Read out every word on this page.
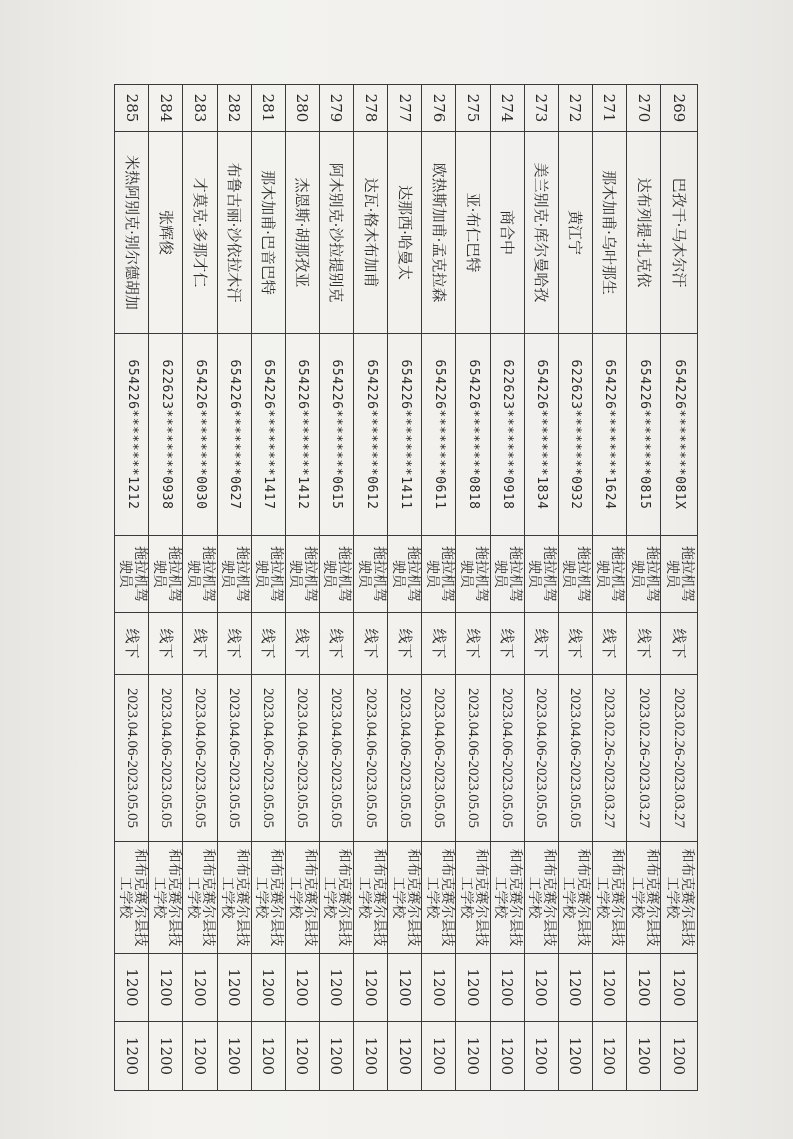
269	巴孜干·马木尔汗	654226********081X	拖拉机驾驶员	线下	2023.02.26-2023.03.27	和布克赛尔县技工学校	1200	1200
270	达布列提·扎克依	654226********0815	拖拉机驾驶员	线下	2023.02.26-2023.03.27	和布克赛尔县技工学校	1200	1200
271	那木加甫·乌叶那生	654226********1624	拖拉机驾驶员	线下	2023.02.26-2023.03.27	和布克赛尔县技工学校	1200	1200
272	黄江宁	622623********0932	拖拉机驾驶员	线下	2023.04.06-2023.05.05	和布克赛尔县技工学校	1200	1200
273	美兰别克·库尔曼哈孜	654226********1834	拖拉机驾驶员	线下	2023.04.06-2023.05.05	和布克赛尔县技工学校	1200	1200
274	商合中	622623********0918	拖拉机驾驶员	线下	2023.04.06-2023.05.05	和布克赛尔县技工学校	1200	1200
275	亚·布仁巴特	654226********0818	拖拉机驾驶员	线下	2023.04.06-2023.05.05	和布克赛尔县技工学校	1200	1200
276	欧热斯加甫·孟克拉森	654226********0611	拖拉机驾驶员	线下	2023.04.06-2023.05.05	和布克赛尔县技工学校	1200	1200
277	达那西·哈曼太	654226********1411	拖拉机驾驶员	线下	2023.04.06-2023.05.05	和布克赛尔县技工学校	1200	1200
278	达瓦·格木布加甫	654226********0612	拖拉机驾驶员	线下	2023.04.06-2023.05.05	和布克赛尔县技工学校	1200	1200
279	阿木别克·沙拉提别克	654226********0615	拖拉机驾驶员	线下	2023.04.06-2023.05.05	和布克赛尔县技工学校	1200	1200
280	杰恩斯·胡那孜亚	654226********1412	拖拉机驾驶员	线下	2023.04.06-2023.05.05	和布克赛尔县技工学校	1200	1200
281	那木加甫·巴音巴特	654226********1417	拖拉机驾驶员	线下	2023.04.06-2023.05.05	和布克赛尔县技工学校	1200	1200
282	布鲁古丽·沙依拉木汗	654226********0627	拖拉机驾驶员	线下	2023.04.06-2023.05.05	和布克赛尔县技工学校	1200	1200
283	才莫克·多那才仁	654226********0030	拖拉机驾驶员	线下	2023.04.06-2023.05.05	和布克赛尔县技工学校	1200	1200
284	张辉俊	622623********0938	拖拉机驾驶员	线下	2023.04.06-2023.05.05	和布克赛尔县技工学校	1200	1200
285	米热阿别克·别尔德胡加	654226********1212	拖拉机驾驶员	线下	2023.04.06-2023.05.05	和布克赛尔县技工学校	1200	1200
